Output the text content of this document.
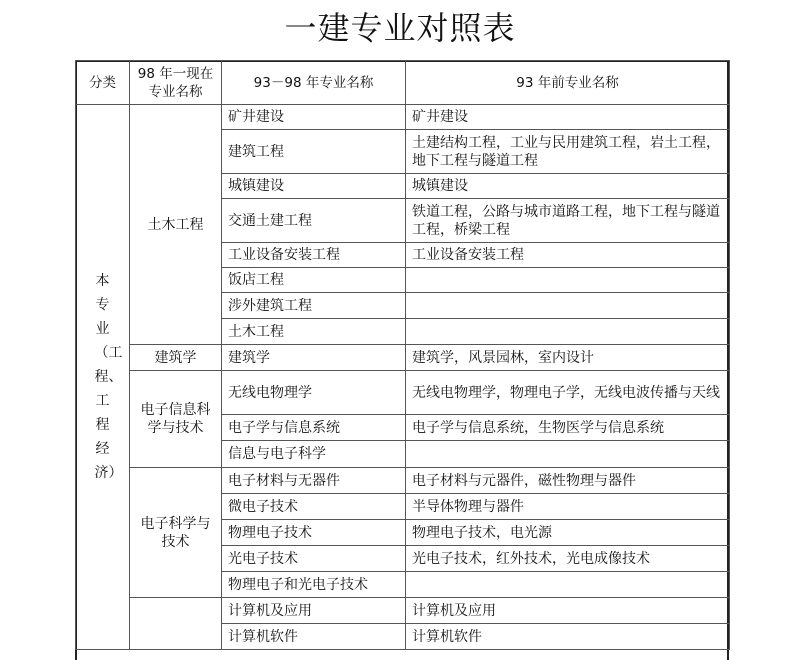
一建专业对照表
分类	98 年一现在专业名称	93－98 年专业名称	93 年前专业名称
本专业（工程、工程经济）	土木工程	矿井建设	矿井建设
		建筑工程	土建结构工程，工业与民用建筑工程，岩土工程，地下工程与隧道工程
		城镇建设	城镇建设
		交通土建工程	铁道工程，公路与城市道路工程，地下工程与隧道工程，桥梁工程
		工业设备安装工程	工业设备安装工程
		饭店工程	
		涉外建筑工程	
		土木工程	
	建筑学	建筑学	建筑学，风景园林，室内设计
	电子信息科学与技术	无线电物理学	无线电物理学，物理电子学，无线电波传播与天线
		电子学与信息系统	电子学与信息系统，生物医学与信息系统
		信息与电子科学	
	电子科学与技术	电子材料与无器件	电子材料与元器件，磁性物理与器件
		微电子技术	半导体物理与器件
		物理电子技术	物理电子技术，电光源
		光电子技术	光电子技术，红外技术，光电成像技术
		物理电子和光电子技术	
		计算机及应用	计算机及应用
		计算机软件	计算机软件
